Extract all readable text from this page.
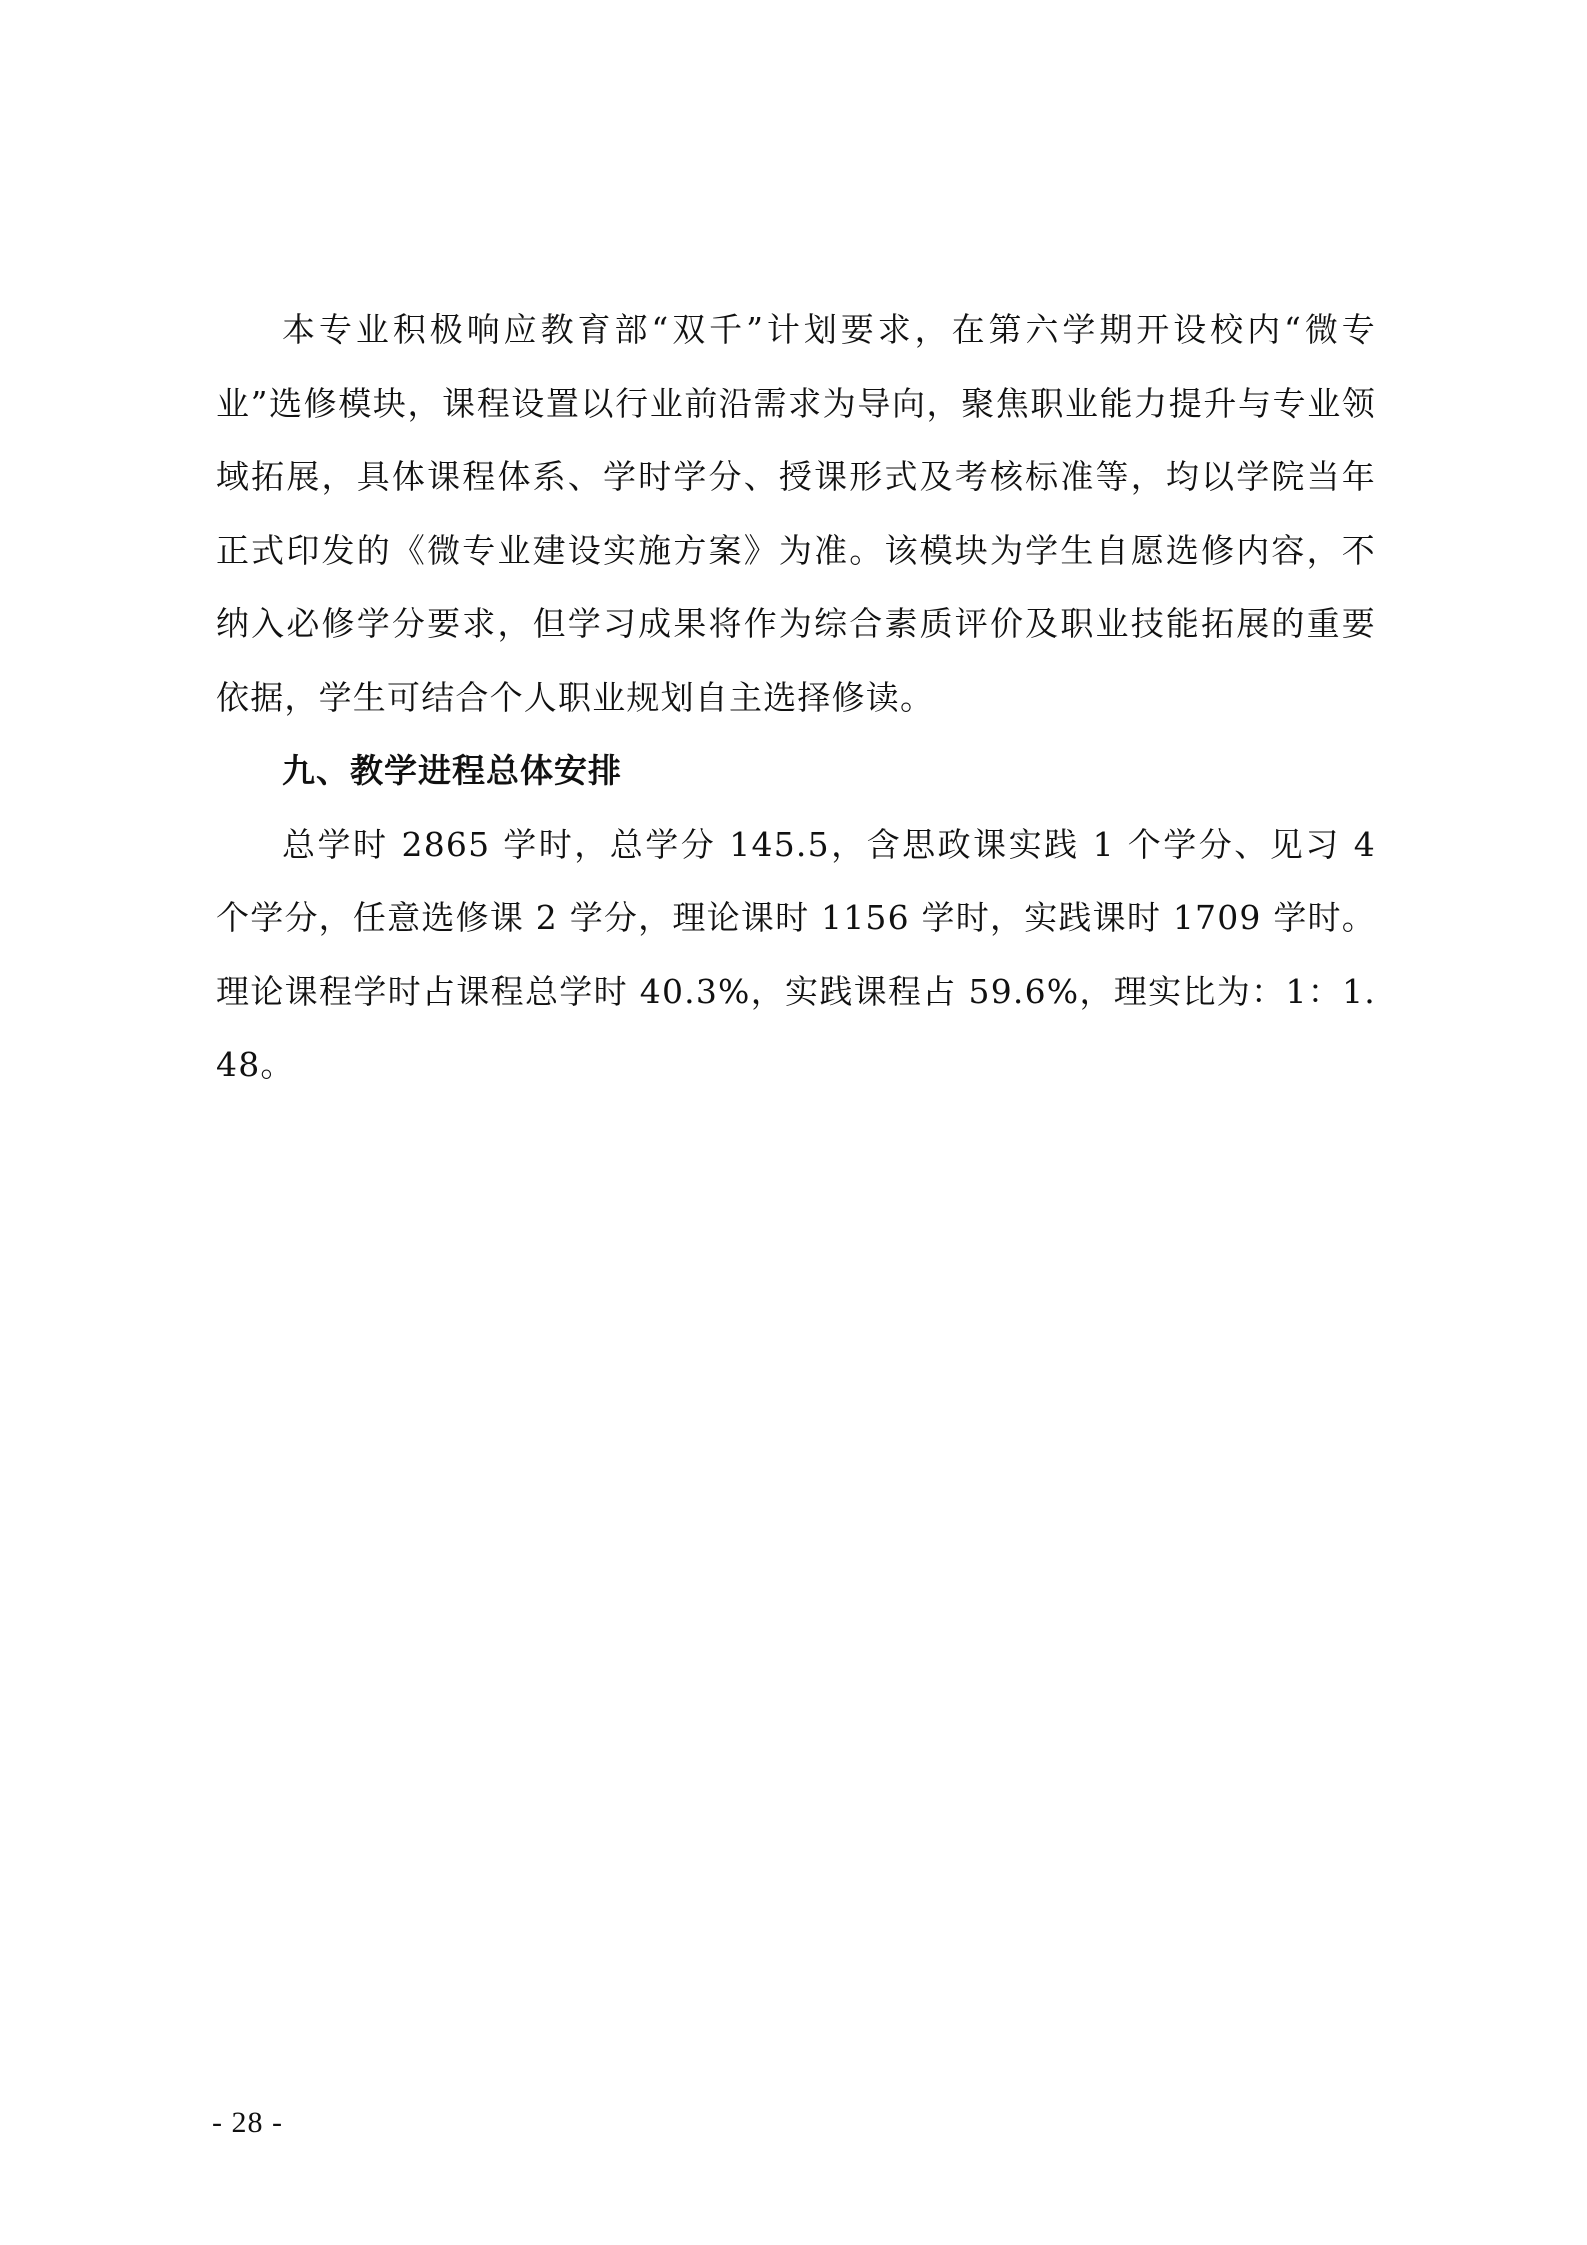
本专业积极响应教育部“双千”计划要求，在第六学期开设校内“微专业”选修模块，课程设置以行业前沿需求为导向，聚焦职业能力提升与专业领域拓展，具体课程体系、学时学分、授课形式及考核标准等，均以学院当年正式印发的《微专业建设实施方案》为准。该模块为学生自愿选修内容，不纳入必修学分要求，但学习成果将作为综合素质评价及职业技能拓展的重要依据，学生可结合个人职业规划自主选择修读。

九、教学进程总体安排

总学时 2865 学时，总学分 145.5，含思政课实践 1 个学分、见习 4 个学分，任意选修课 2 学分，理论课时 1156 学时，实践课时 1709 学时。理论课程学时占课程总学时 40.3%，实践课程占 59.6%，理实比为：1：1.48。

- 28 -
